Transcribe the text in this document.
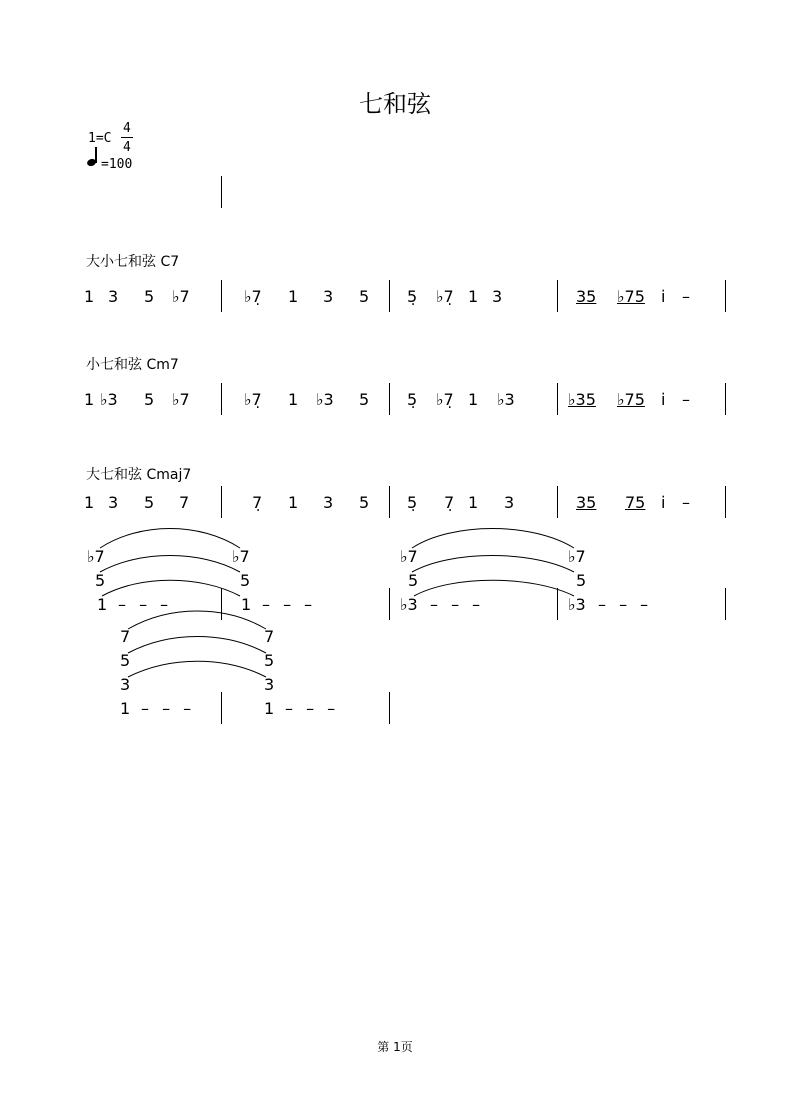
七和弦
1=C
4
4
=100
大小七和弦 C7
1 3 5 ♭7	♭7̣ 1 3 5 5̣ ♭7̣ 1 3	35 ♭75 i̇ –
小七和弦 Cm7
1 ♭3 5 ♭7	♭7̣ 1 ♭3 5 5̣ ♭7̣ 1 ♭3	♭35 ♭75 i̇ –
大七和弦 Cmaj7
1 3 5 7	7̣ 1 3 5 5̣ 7̣ 1 3	35 75 i̇ –
♭7	♭7
5	5
1 – – –	1 – – –
♭7	♭7
5	5
♭3 – – –	♭3 – – –
7	7
5	5
3	3
1 – – –	1 – – –
第 1页
